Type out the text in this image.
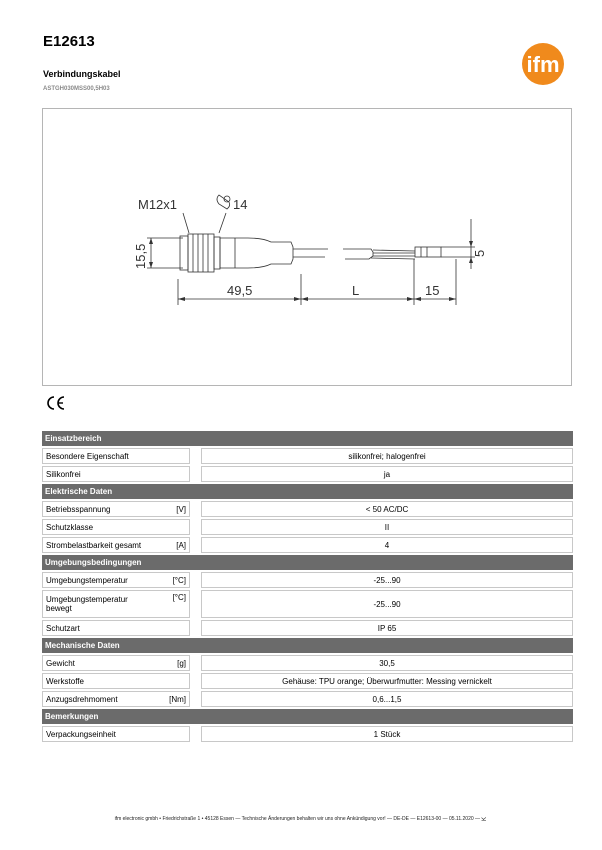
E12613
Verbindungskabel
ASTGH030MSS00,5H03
ifm
M12x1	14
15,5
49,5	L	15
5
Einsatzbereich			
Besondere Eigenschaft			silikonfrei; halogenfrei
Silikonfrei			ja
Elektrische Daten			
Betriebsspannung	[V]		< 50 AC/DC
Schutzklasse			II
Strombelastbarkeit gesamt	[A]		4
Umgebungsbedingungen			
Umgebungstemperatur	[°C]		-25...90
Umgebungstemperatur
bewegt	[°C]		-25...90
Schutzart			IP 65
Mechanische Daten			
Gewicht	[g]		30,5
Werkstoffe			Gehäuse: TPU orange; Überwurfmutter: Messing vernickelt
Anzugsdrehmoment	[Nm]		0,6...1,5
Bemerkungen			
Verpackungseinheit			1 Stück
ifm electronic gmbh • Friedrichstraße 1 • 45128 Essen — Technische Änderungen behalten wir uns ohne Ankündigung vor! — DE-DE — E12613-00 — 05.11.2020 — K
